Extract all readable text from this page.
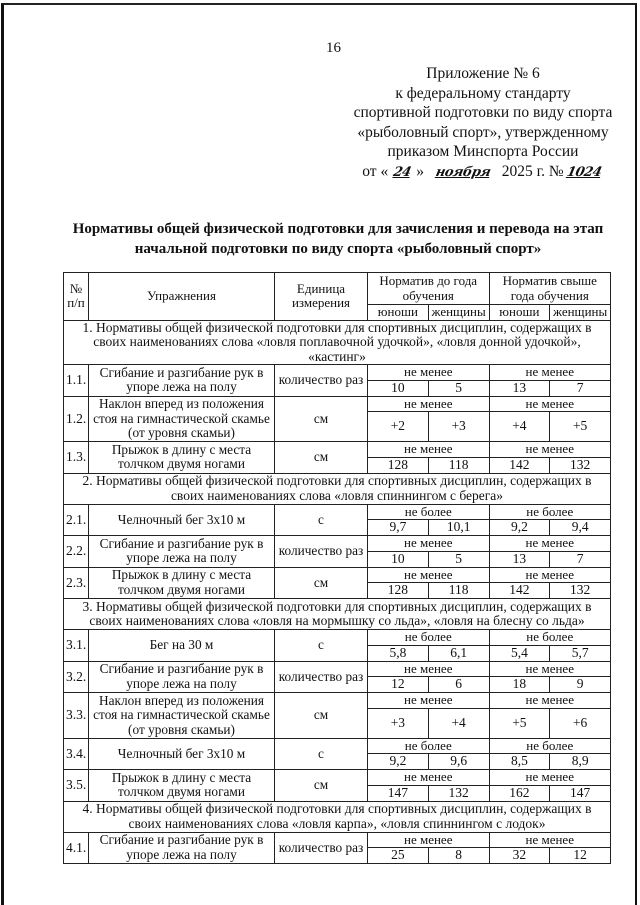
16
Приложение № 6
к федеральному стандарту
спортивной подготовки по виду спорта
«рыболовный спорт», утвержденному
приказом Минспорта России
от « 24 » ноября 2025 г. №1024
Нормативы общей физической подготовки для зачисления и перевода на этап
начальной подготовки по виду спорта «рыболовный спорт»
№ п/п	Упражнения	Единица измерения	Норматив до года обучения		Норматив свыше года обучения	
			юноши	женщины	юноши	женщины
1. Нормативы общей физической подготовки для спортивных дисциплин, содержащих в своих наименованиях слова «ловля поплавочной удочкой», «ловля донной удочкой», «кастинг»						
1.1.	Сгибание и разгибание рук в упоре лежа на полу	количество раз	не менее		не менее	
			10	5	13	7
1.2.	Наклон вперед из положения стоя на гимнастической скамье (от уровня скамьи)	см	не менее		не менее	
			+2	+3	+4	+5
1.3.	Прыжок в длину с места толчком двумя ногами	см	не менее		не менее	
			128	118	142	132
2. Нормативы общей физической подготовки для спортивных дисциплин, содержащих в своих наименованиях слова «ловля спиннингом с берега»						
2.1.	Челночный бег 3х10 м	с	не более		не более	
			9,7	10,1	9,2	9,4
2.2.	Сгибание и разгибание рук в упоре лежа на полу	количество раз	не менее		не менее	
			10	5	13	7
2.3.	Прыжок в длину с места толчком двумя ногами	см	не менее		не менее	
			128	118	142	132
3. Нормативы общей физической подготовки для спортивных дисциплин, содержащих в своих наименованиях слова «ловля на мормышку со льда», «ловля на блесну со льда»						
3.1.	Бег на 30 м	с	не более		не более	
			5,8	6,1	5,4	5,7
3.2.	Сгибание и разгибание рук в упоре лежа на полу	количество раз	не менее		не менее	
			12	6	18	9
3.3.	Наклон вперед из положения стоя на гимнастической скамье (от уровня скамьи)	см	не менее		не менее	
			+3	+4	+5	+6
3.4.	Челночный бег 3х10 м	с	не более		не более	
			9,2	9,6	8,5	8,9
3.5.	Прыжок в длину с места толчком двумя ногами	см	не менее		не менее	
			147	132	162	147
4. Нормативы общей физической подготовки для спортивных дисциплин, содержащих в своих наименованиях слова «ловля карпа», «ловля спиннингом с лодок»						
4.1.	Сгибание и разгибание рук в упоре лежа на полу	количество раз	не менее		не менее	
			25	8	32	12
